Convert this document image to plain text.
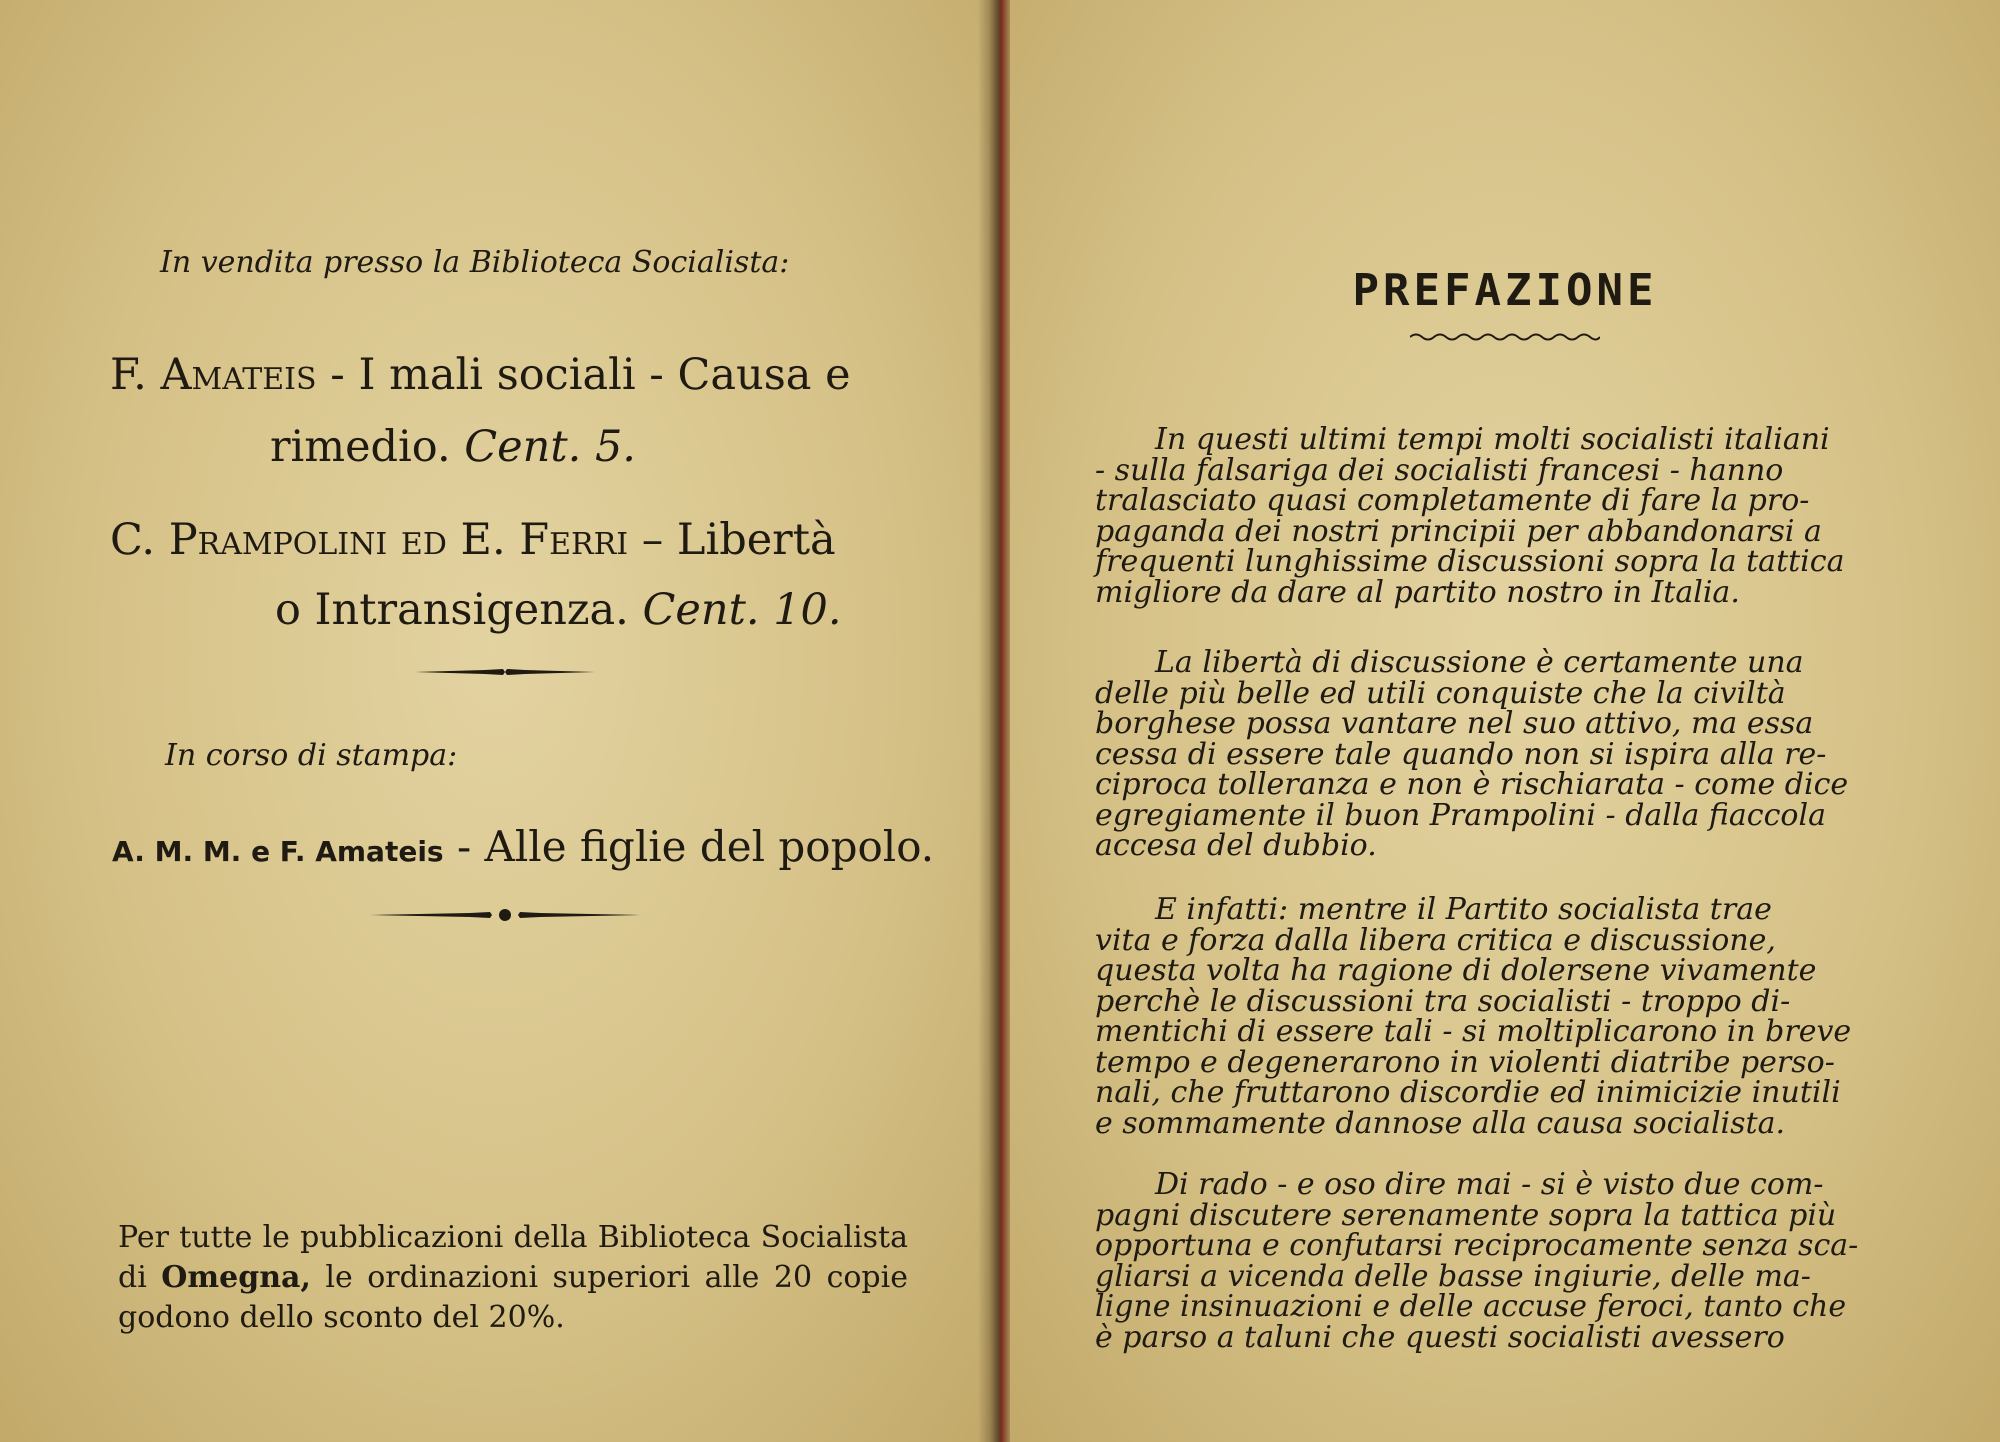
In vendita presso la Biblioteca Socialista:

F. Amateis - I mali sociali - Causa e
rimedio. Cent. 5.
C. Prampolini ed E. Ferri – Libertà
o Intransigenza. Cent. 10.

In corso di stampa:

A. M. M. e F. Amateis - Alle figlie del popolo.

Per tutte le pubblicazioni della Biblioteca Socialista di Omegna, le ordinazioni superiori alle 20 copie godono dello sconto del 20%.

PREFAZIONE

In questi ultimi tempi molti socialisti italiani
- sulla falsariga dei socialisti francesi - hanno
tralasciato quasi completamente di fare la pro-
paganda dei nostri principii per abbandonarsi a
frequenti lunghissime discussioni sopra la tattica
migliore da dare al partito nostro in Italia.

La libertà di discussione è certamente una
delle più belle ed utili conquiste che la civiltà
borghese possa vantare nel suo attivo, ma essa
cessa di essere tale quando non si ispira alla re-
ciproca tolleranza e non è rischiarata - come dice
egregiamente il buon Prampolini - dalla fiaccola
accesa del dubbio.

E infatti: mentre il Partito socialista trae
vita e forza dalla libera critica e discussione,
questa volta ha ragione di dolersene vivamente
perchè le discussioni tra socialisti - troppo di-
mentichi di essere tali - si moltiplicarono in breve
tempo e degenerarono in violenti diatribe perso-
nali, che fruttarono discordie ed inimicizie inutili
e sommamente dannose alla causa socialista.

Di rado - e oso dire mai - si è visto due com-
pagni discutere serenamente sopra la tattica più
opportuna e confutarsi reciprocamente senza sca-
gliarsi a vicenda delle basse ingiurie, delle ma-
ligne insinuazioni e delle accuse feroci, tanto che
è parso a taluni che questi socialisti avessero
